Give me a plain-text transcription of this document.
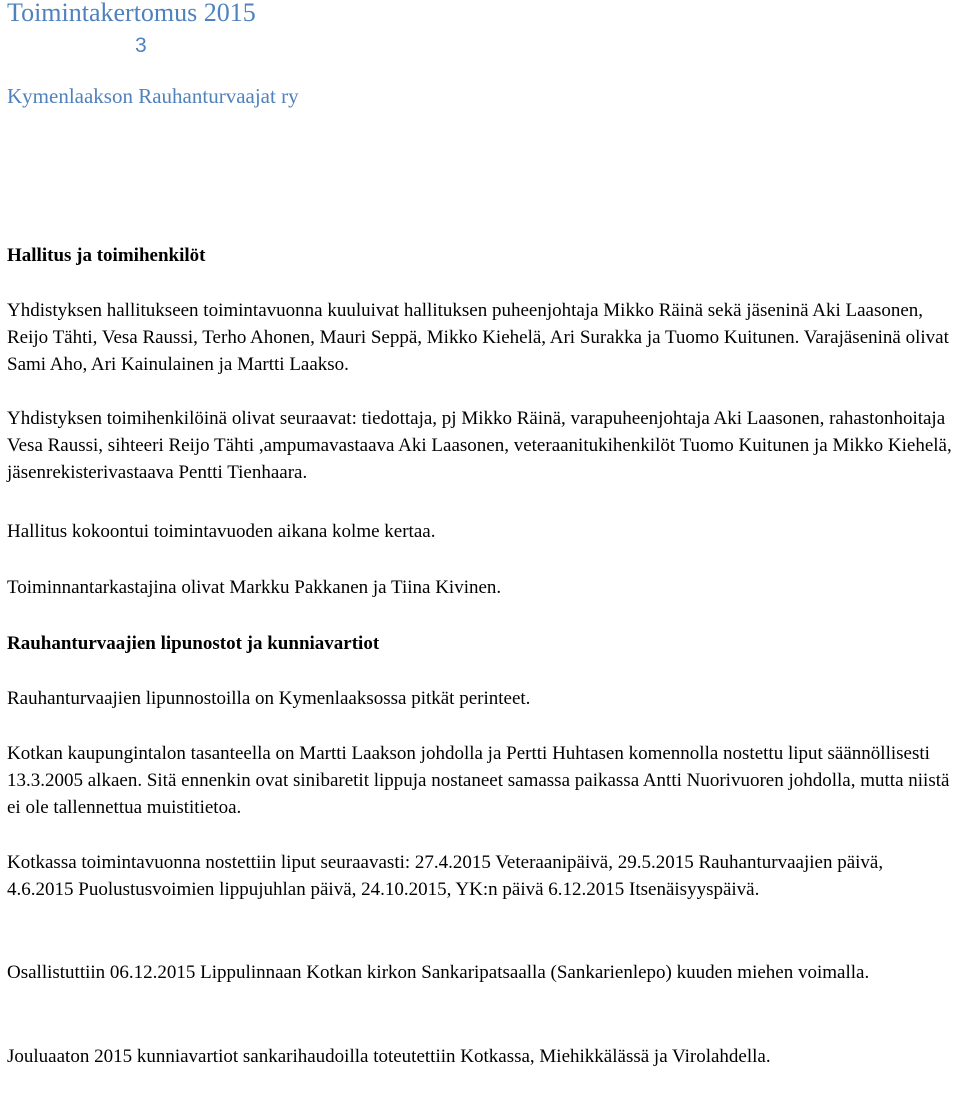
Toimintakertomus 2015
3
Kymenlaakson Rauhanturvaajat ry
Hallitus ja toimihenkilöt
Yhdistyksen hallitukseen toimintavuonna kuuluivat hallituksen puheenjohtaja Mikko Räinä sekä jäseninä Aki Laasonen, Reijo Tähti, Vesa Raussi, Terho Ahonen, Mauri Seppä, Mikko Kiehelä, Ari Surakka ja Tuomo Kuitunen. Varajäseninä olivat Sami Aho, Ari Kainulainen ja Martti Laakso.
Yhdistyksen toimihenkilöinä olivat seuraavat: tiedottaja, pj Mikko Räinä, varapuheenjohtaja Aki Laasonen, rahastonhoitaja Vesa Raussi, sihteeri Reijo Tähti ,ampumavastaava Aki Laasonen, veteraanitukihenkilöt Tuomo Kuitunen ja Mikko Kiehelä, jäsenrekisterivastaava Pentti Tienhaara.
Hallitus kokoontui toimintavuoden aikana kolme kertaa.
Toiminnantarkastajina olivat Markku Pakkanen ja Tiina Kivinen.
Rauhanturvaajien lipunostot ja kunniavartiot
Rauhanturvaajien lipunnostoilla on Kymenlaaksossa pitkät perinteet.
Kotkan kaupungintalon tasanteella on Martti Laakson johdolla ja Pertti Huhtasen komennolla nostettu liput säännöllisesti 13.3.2005 alkaen. Sitä ennenkin ovat sinibaretit lippuja nostaneet samassa paikassa Antti Nuorivuoren johdolla, mutta niistä ei ole tallennettua muistitietoa.
Kotkassa toimintavuonna nostettiin liput seuraavasti: 27.4.2015 Veteraanipäivä, 29.5.2015 Rauhanturvaajien päivä, 4.6.2015 Puolustusvoimien lippujuhlan päivä, 24.10.2015, YK:n päivä 6.12.2015 Itsenäisyyspäivä.
Osallistuttiin 06.12.2015 Lippulinnaan Kotkan kirkon Sankaripatsaalla (Sankarienlepo) kuuden miehen voimalla.
Jouluaaton 2015 kunniavartiot sankarihaudoilla toteutettiin Kotkassa, Miehikkälässä ja Virolahdella.
